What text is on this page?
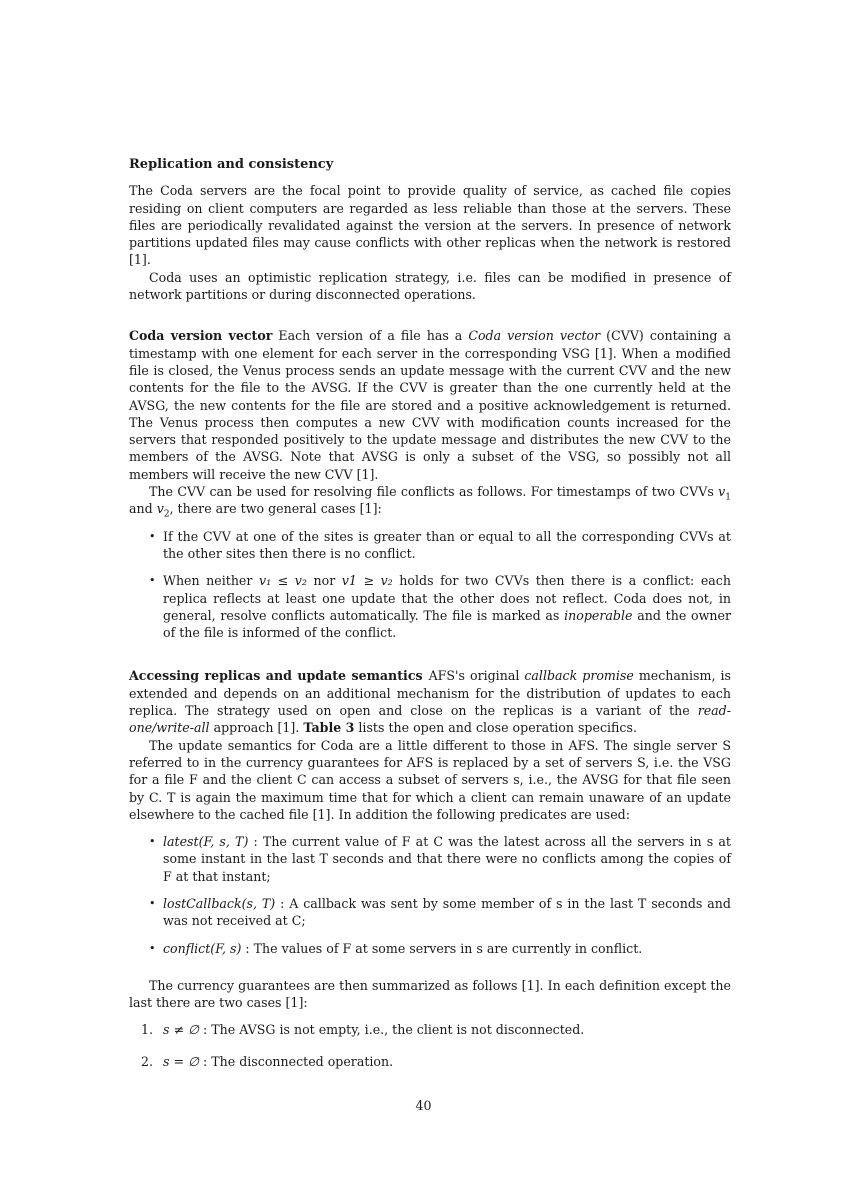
Replication and consistency

The Coda servers are the focal point to provide quality of service, as cached file copies residing on client computers are regarded as less reliable than those at the servers. These files are periodically revalidated against the version at the servers. In presence of network partitions updated files may cause conflicts with other replicas when the network is restored [1].

Coda uses an optimistic replication strategy, i.e. files can be modified in presence of network partitions or during disconnected operations.

Coda version vector Each version of a file has a Coda version vector (CVV) containing a timestamp with one element for each server in the corresponding VSG [1]. When a modified file is closed, the Venus process sends an update message with the current CVV and the new contents for the file to the AVSG. If the CVV is greater than the one currently held at the AVSG, the new contents for the file are stored and a positive acknowledgement is returned. The Venus process then computes a new CVV with modification counts increased for the servers that responded positively to the update message and distributes the new CVV to the members of the AVSG. Note that AVSG is only a subset of the VSG, so possibly not all members will receive the new CVV [1].

The CVV can be used for resolving file conflicts as follows. For timestamps of two CVVs $v_1$ and $v_2$, there are two general cases [1]:

• If the CVV at one of the sites is greater than or equal to all the corresponding CVVs at the other sites then there is no conflict.
• When neither v₁ ≤ v₂ nor v1 ≥ v₂ holds for two CVVs then there is a conflict: each replica reflects at least one update that the other does not reflect. Coda does not, in general, resolve conflicts automatically. The file is marked as inoperable and the owner of the file is informed of the conflict.

Accessing replicas and update semantics AFS's original callback promise mechanism, is extended and depends on an additional mechanism for the distribution of updates to each replica. The strategy used on open and close on the replicas is a variant of the read-one/write-all approach [1]. Table 3 lists the open and close operation specifics.

The update semantics for Coda are a little different to those in AFS. The single server S referred to in the currency guarantees for AFS is replaced by a set of servers S, i.e. the VSG for a file F and the client C can access a subset of servers s, i.e., the AVSG for that file seen by C. T is again the maximum time that for which a client can remain unaware of an update elsewhere to the cached file [1]. In addition the following predicates are used:

• latest(F, s, T) : The current value of F at C was the latest across all the servers in s at some instant in the last T seconds and that there were no conflicts among the copies of F at that instant;
• lostCallback(s, T) : A callback was sent by some member of s in the last T seconds and was not received at C;
• conflict(F, s) : The values of F at some servers in s are currently in conflict.

The currency guarantees are then summarized as follows [1]. In each definition except the last there are two cases [1]:

1. s ≠ ∅ : The AVSG is not empty, i.e., the client is not disconnected.
2. s = ∅ : The disconnected operation.
40
